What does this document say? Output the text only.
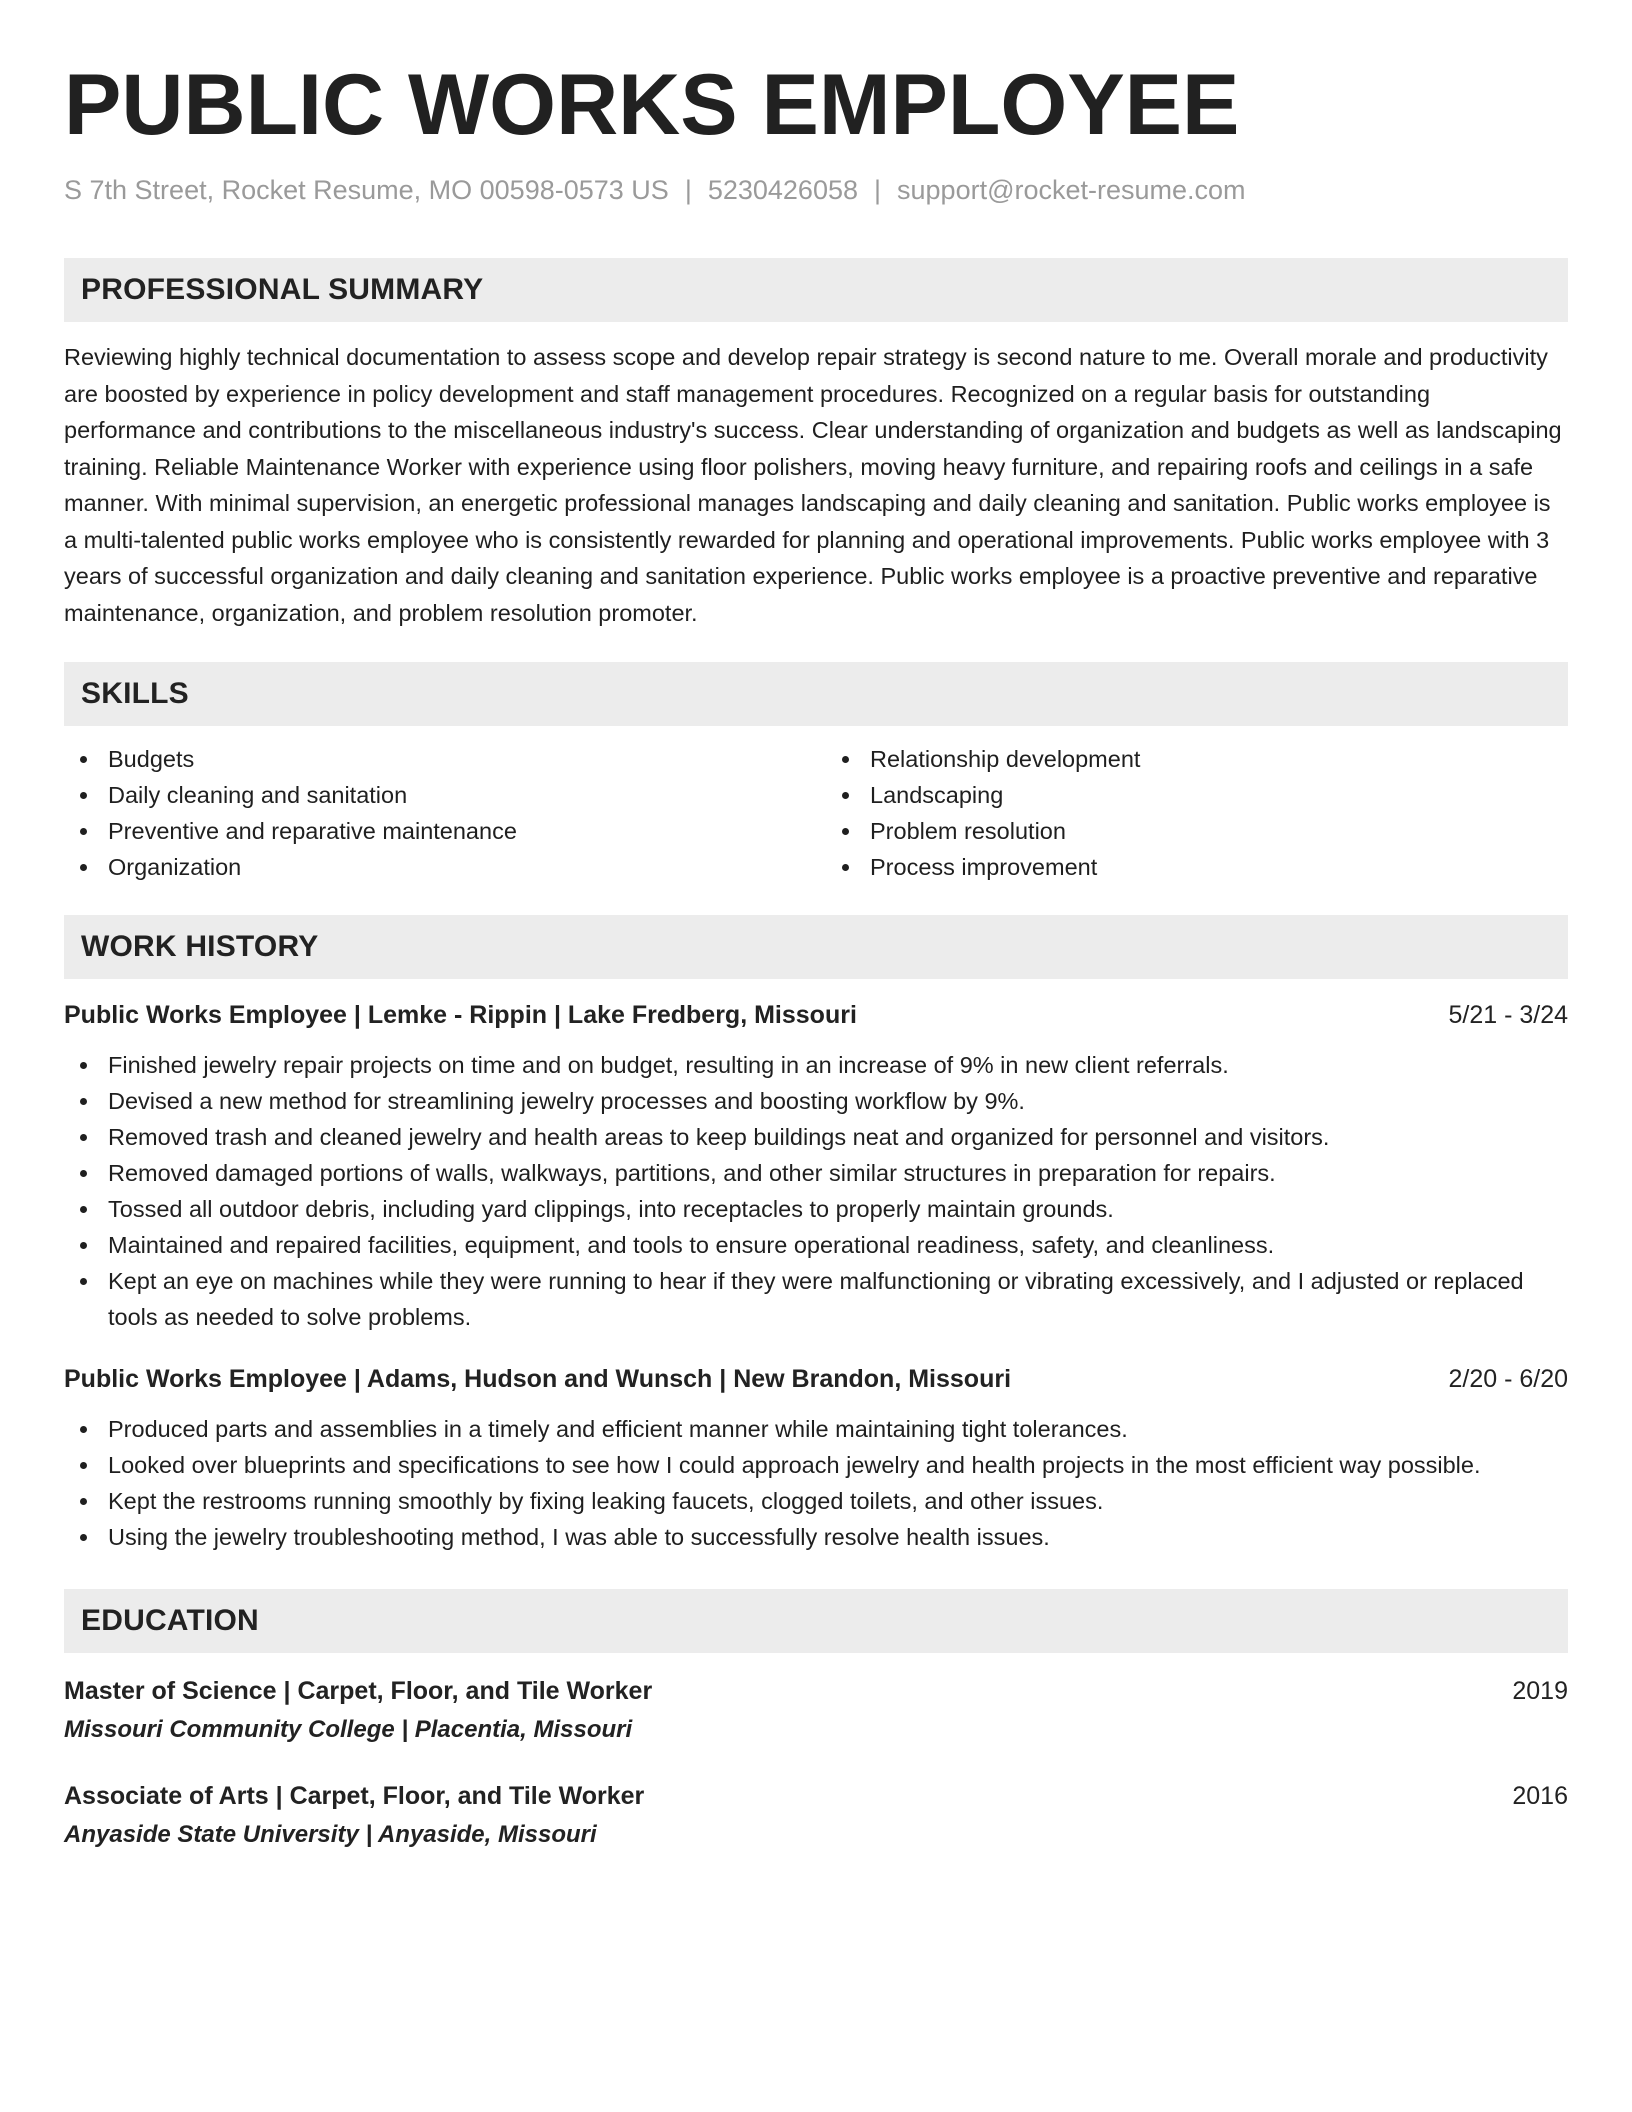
PUBLIC WORKS EMPLOYEE
S 7th Street, Rocket Resume, MO 00598-0573 US | 5230426058 | support@rocket-resume.com
PROFESSIONAL SUMMARY

Reviewing highly technical documentation to assess scope and develop repair strategy is second nature to me. Overall morale and productivity are boosted by experience in policy development and staff management procedures. Recognized on a regular basis for outstanding performance and contributions to the miscellaneous industry's success. Clear understanding of organization and budgets as well as landscaping training. Reliable Maintenance Worker with experience using floor polishers, moving heavy furniture, and repairing roofs and ceilings in a safe manner. With minimal supervision, an energetic professional manages landscaping and daily cleaning and sanitation. Public works employee is a multi-talented public works employee who is consistently rewarded for planning and operational improvements. Public works employee with 3 years of successful organization and daily cleaning and sanitation experience. Public works employee is a proactive preventive and reparative maintenance, organization, and problem resolution promoter.

SKILLS
Budgets
Daily cleaning and sanitation
Preventive and reparative maintenance
Organization
Relationship development
Landscaping
Problem resolution
Process improvement
WORK HISTORY
Public Works Employee | Lemke - Rippin | Lake Fredberg, Missouri	5/21 - 3/24
Finished jewelry repair projects on time and on budget, resulting in an increase of 9% in new client referrals.
Devised a new method for streamlining jewelry processes and boosting workflow by 9%.
Removed trash and cleaned jewelry and health areas to keep buildings neat and organized for personnel and visitors.
Removed damaged portions of walls, walkways, partitions, and other similar structures in preparation for repairs.
Tossed all outdoor debris, including yard clippings, into receptacles to properly maintain grounds.
Maintained and repaired facilities, equipment, and tools to ensure operational readiness, safety, and cleanliness.
Kept an eye on machines while they were running to hear if they were malfunctioning or vibrating excessively, and I adjusted or replaced tools as needed to solve problems.
Public Works Employee | Adams, Hudson and Wunsch | New Brandon, Missouri	2/20 - 6/20
Produced parts and assemblies in a timely and efficient manner while maintaining tight tolerances.
Looked over blueprints and specifications to see how I could approach jewelry and health projects in the most efficient way possible.
Kept the restrooms running smoothly by fixing leaking faucets, clogged toilets, and other issues.
Using the jewelry troubleshooting method, I was able to successfully resolve health issues.
EDUCATION
Master of Science | Carpet, Floor, and Tile Worker	2019
Missouri Community College | Placentia, Missouri
Associate of Arts | Carpet, Floor, and Tile Worker	2016
Anyaside State University | Anyaside, Missouri
